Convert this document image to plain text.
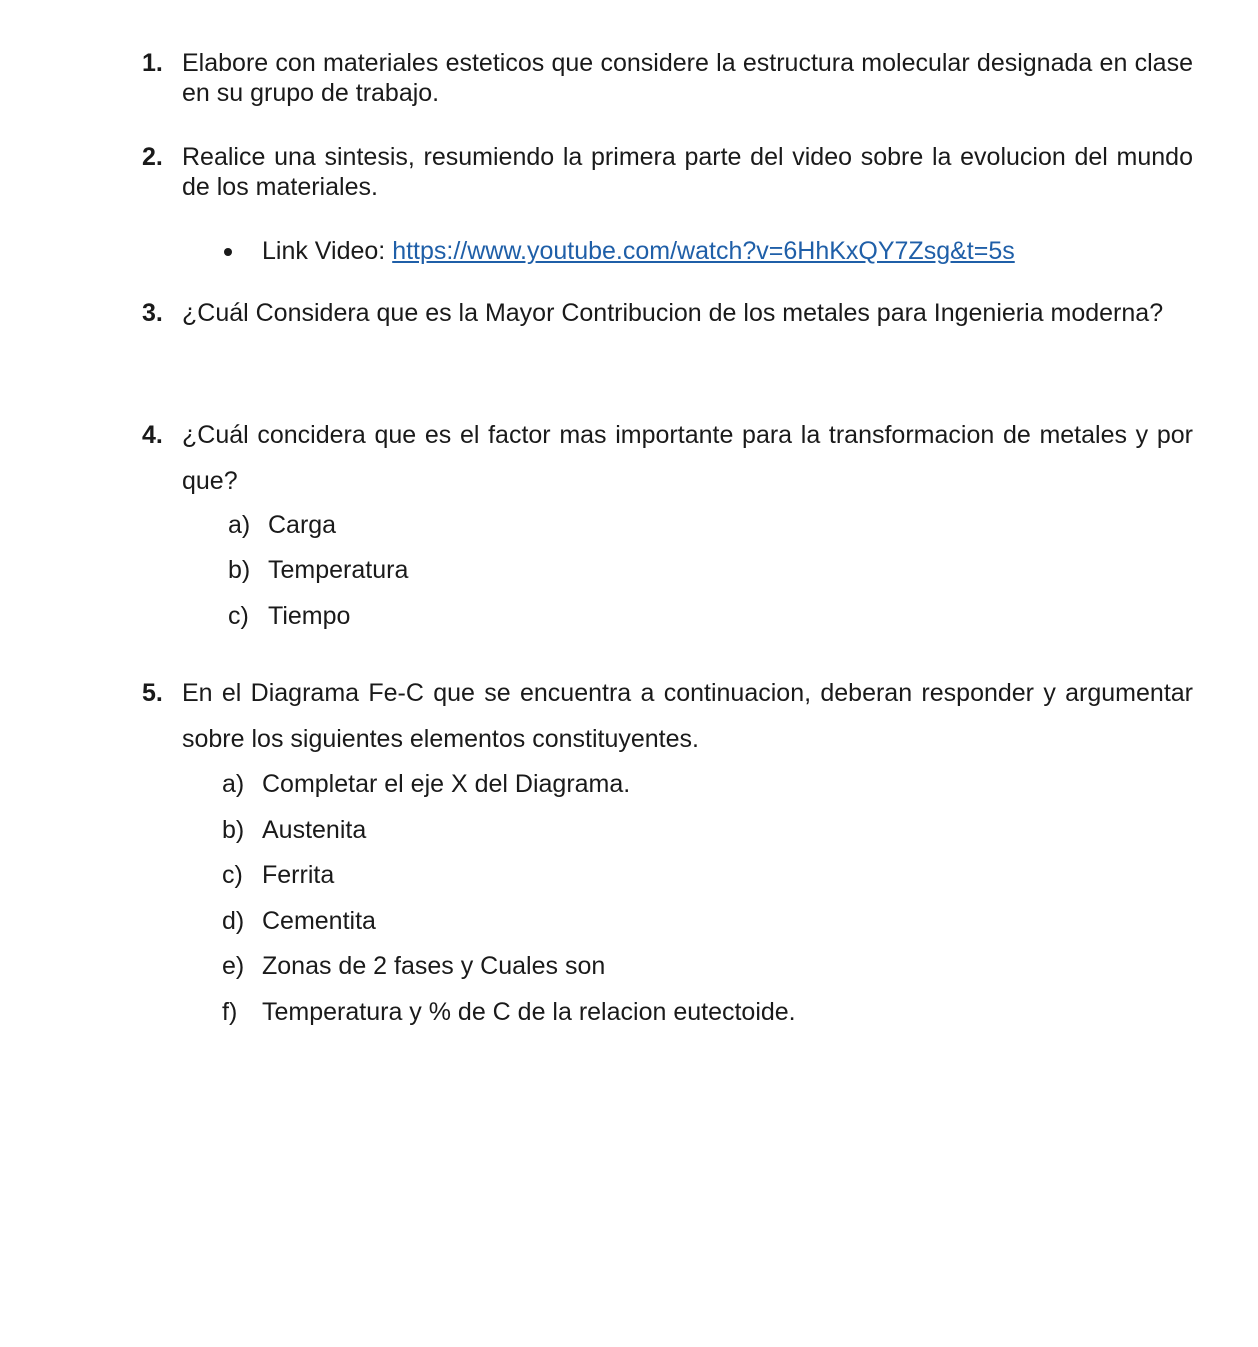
1. Elabore con materiales esteticos que considere la estructura molecular designada en clase en su grupo de trabajo.
2. Realice una sintesis, resumiendo la primera parte del video sobre la evolucion del mundo de los materiales.
Link Video: https://www.youtube.com/watch?v=6HhKxQY7Zsg&t=5s
3. ¿Cuál Considera que es la Mayor Contribucion de los metales para Ingenieria moderna?
4. ¿Cuál concidera que es el factor mas importante para la transformacion de metales y por que?
a) Carga
b) Temperatura
c) Tiempo
5. En el Diagrama Fe-C que se encuentra a continuacion, deberan responder y argumentar sobre los siguientes elementos constituyentes.
a) Completar el eje X del Diagrama.
b) Austenita
c) Ferrita
d) Cementita
e) Zonas de 2 fases y Cuales son
f) Temperatura y % de C de la relacion eutectoide.
